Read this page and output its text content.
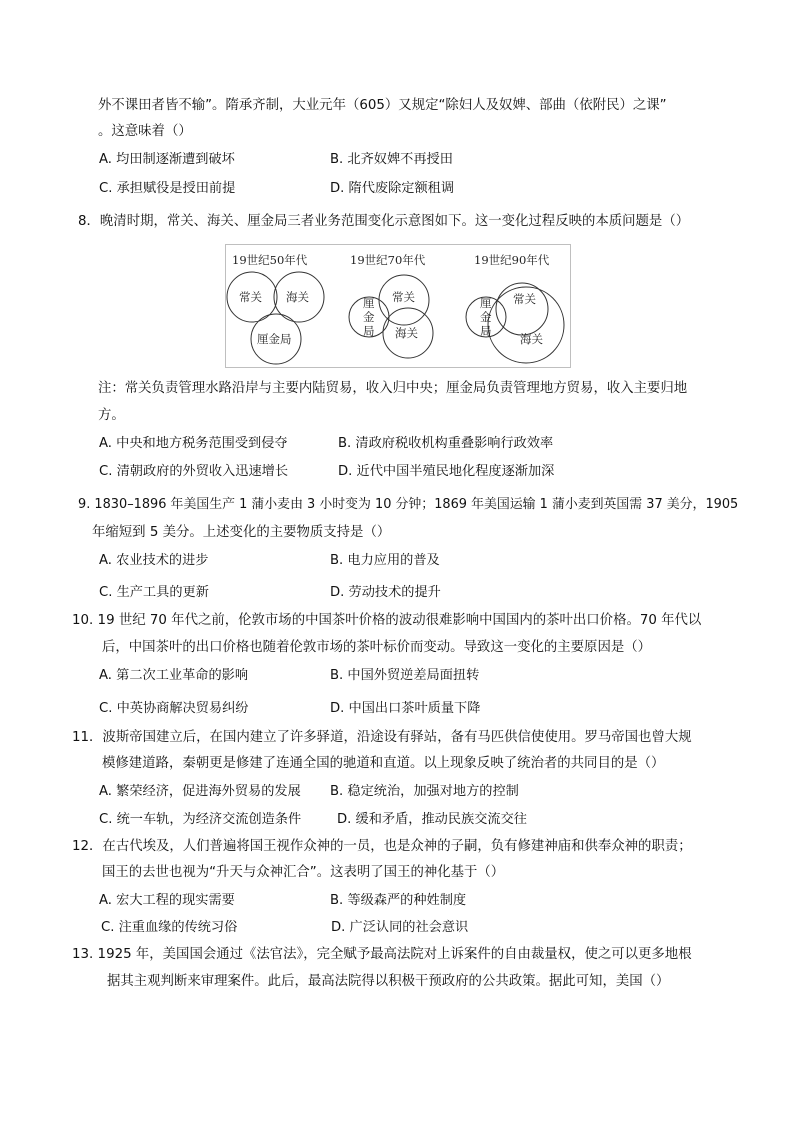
外不课田者皆不输”。隋承齐制，大业元年（605）又规定“除妇人及奴婢、部曲（依附民）之课”
。这意味着（）
A. 均田制逐渐遭到破坏	B. 北齐奴婢不再授田
C. 承担赋役是授田前提	D. 隋代废除定额租调
8．晚清时期，常关、海关、厘金局三者业务范围变化示意图如下。这一变化过程反映的本质问题是（）
19世纪50年代
常关 海关
厘金局
19世纪70年代
常关
海关
厘
金
局
19世纪90年代
常关
海关
厘
金
局
注：常关负责管理水路沿岸与主要内陆贸易，收入归中央；厘金局负责管理地方贸易，收入主要归地
方。
A. 中央和地方税务范围受到侵夺	B. 清政府税收机构重叠影响行政效率
C. 清朝政府的外贸收入迅速增长	D. 近代中国半殖民地化程度逐渐加深
9. 1830–1896 年美国生产 1 蒲小麦由 3 小时变为 10 分钟；1869 年美国运输 1 蒲小麦到英国需 37 美分，1905
年缩短到 5 美分。上述变化的主要物质支持是（）
A. 农业技术的进步	B. 电力应用的普及
C. 生产工具的更新	D. 劳动技术的提升
10. 19 世纪 70 年代之前，伦敦市场的中国茶叶价格的波动很难影响中国国内的茶叶出口价格。70 年代以
后，中国茶叶的出口价格也随着伦敦市场的茶叶标价而变动。导致这一变化的主要原因是（）
A. 第二次工业革命的影响	B. 中国外贸逆差局面扭转
C. 中英协商解决贸易纠纷	D. 中国出口茶叶质量下降
11．波斯帝国建立后，在国内建立了许多驿道，沿途设有驿站，备有马匹供信使使用。罗马帝国也曾大规
模修建道路，秦朝更是修建了连通全国的驰道和直道。以上现象反映了统治者的共同目的是（）
A. 繁荣经济，促进海外贸易的发展 B. 稳定统治，加强对地方的控制
C. 统一车轨，为经济交流创造条件	D. 缓和矛盾，推动民族交流交往
12．在古代埃及，人们普遍将国王视作众神的一员，也是众神的子嗣，负有修建神庙和供奉众神的职责；
国王的去世也视为“升天与众神汇合”。这表明了国王的神化基于（）
A. 宏大工程的现实需要	B. 等级森严的种姓制度
C. 注重血缘的传统习俗	D. 广泛认同的社会意识
13. 1925 年，美国国会通过《法官法》，完全赋予最高法院对上诉案件的自由裁量权，使之可以更多地根
据其主观判断来审理案件。此后，最高法院得以积极干预政府的公共政策。据此可知，美国（）
